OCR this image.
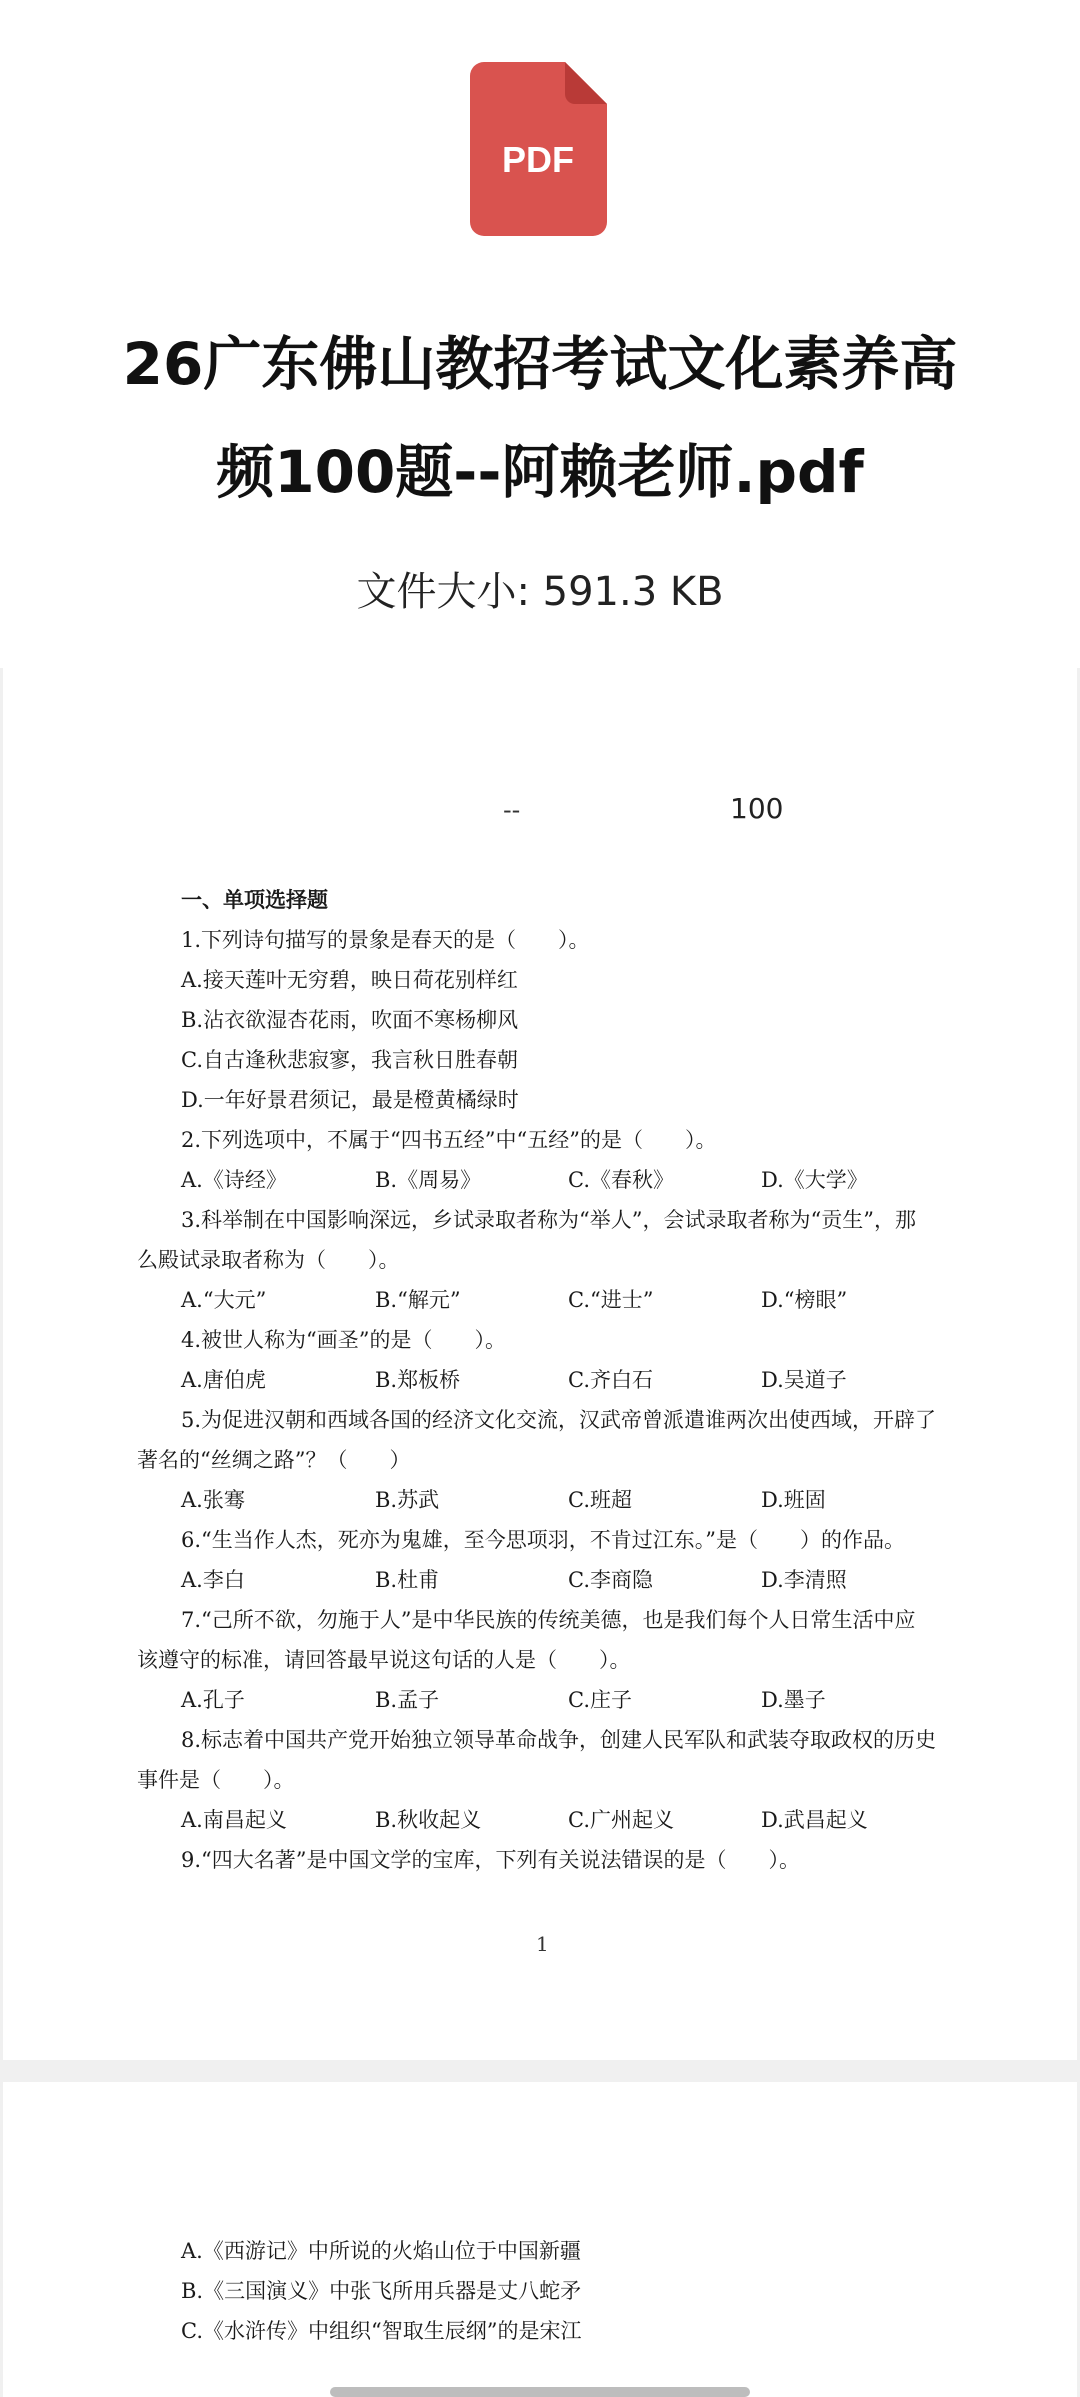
PDF
26广东佛山教招考试文化素养高
频100题--阿赖老师.pdf
文件大小: 591.3 KB
--	100
一、单项选择题
1.下列诗句描写的景象是春天的是（　　）。
A.接天莲叶无穷碧，映日荷花别样红
B.沾衣欲湿杏花雨，吹面不寒杨柳风
C.自古逢秋悲寂寥，我言秋日胜春朝
D.一年好景君须记，最是橙黄橘绿时
2.下列选项中，不属于“四书五经”中“五经”的是（　　）。
A.《诗经》	B.《周易》	C.《春秋》	D.《大学》
3.科举制在中国影响深远，乡试录取者称为“举人”，会试录取者称为“贡生”，那
么殿试录取者称为（　　）。
A.“大元”	B.“解元”	C.“进士”	D.“榜眼”
4.被世人称为“画圣”的是（　　）。
A.唐伯虎	B.郑板桥	C.齐白石	D.吴道子
5.为促进汉朝和西域各国的经济文化交流，汉武帝曾派遣谁两次出使西域，开辟了
著名的“丝绸之路”？（　　）
A.张骞	B.苏武	C.班超	D.班固
6.“生当作人杰，死亦为鬼雄，至今思项羽，不肯过江东。”是（　　）的作品。
A.李白	B.杜甫	C.李商隐	D.李清照
7.“己所不欲，勿施于人”是中华民族的传统美德，也是我们每个人日常生活中应
该遵守的标准，请回答最早说这句话的人是（　　）。
A.孔子	B.孟子	C.庄子	D.墨子
8.标志着中国共产党开始独立领导革命战争，创建人民军队和武装夺取政权的历史
事件是（　　）。
A.南昌起义	B.秋收起义	C.广州起义	D.武昌起义
9.“四大名著”是中国文学的宝库，下列有关说法错误的是（　　）。
1
A.《西游记》中所说的火焰山位于中国新疆
B.《三国演义》中张飞所用兵器是丈八蛇矛
C.《水浒传》中组织“智取生辰纲”的是宋江
